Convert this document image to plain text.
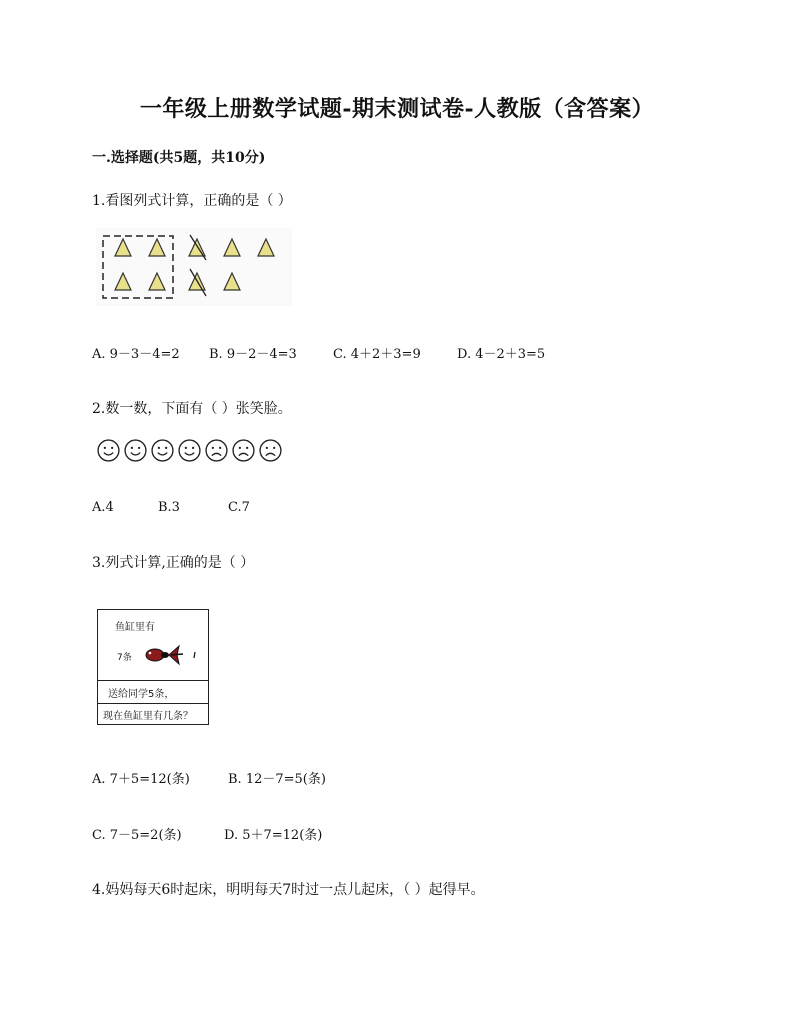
一年级上册数学试题-期末测试卷-人教版（含答案）
一.选择题(共5题，共10分)
1.看图列式计算，正确的是（ ）
A. 9－3－4=2 B. 9－2－4=3	C. 4＋2＋3=9	D. 4－2＋3=5
2.数一数，下面有（ ）张笑脸。
A.4	B.3	C.7
3.列式计算,正确的是（ ）
鱼缸里有
7条
送给同学5条，
现在鱼缸里有几条？
A. 7＋5=12(条)	B. 12－7=5(条)
C. 7－5=2(条)	D. 5＋7=12(条)
4.妈妈每天6时起床，明明每天7时过一点儿起床，（ ）起得早。
